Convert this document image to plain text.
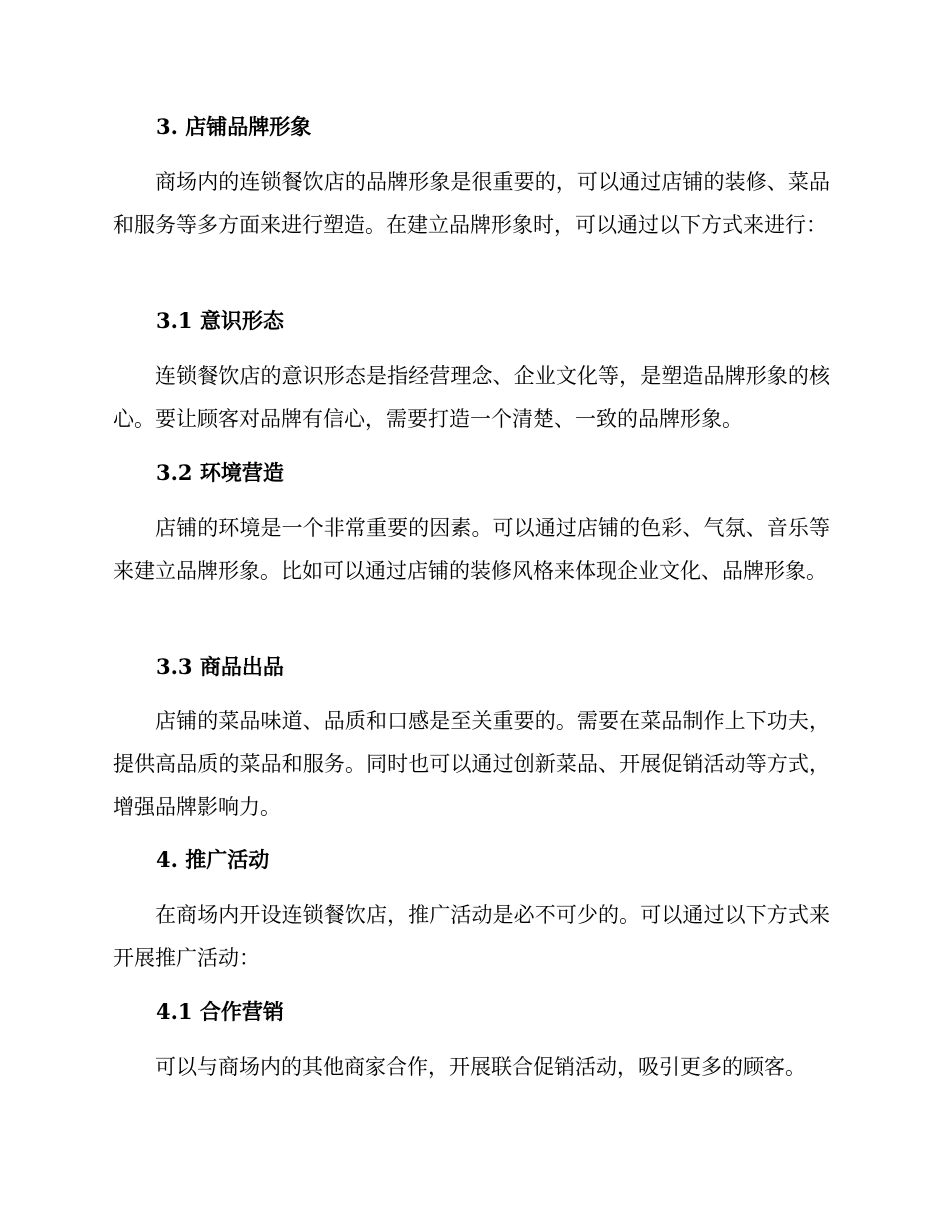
3. 店铺品牌形象

商场内的连锁餐饮店的品牌形象是很重要的，可以通过店铺的装修、菜品和服务等多方面来进行塑造。在建立品牌形象时，可以通过以下方式来进行：

3.1 意识形态

连锁餐饮店的意识形态是指经营理念、企业文化等，是塑造品牌形象的核心。要让顾客对品牌有信心，需要打造一个清楚、一致的品牌形象。

3.2 环境营造

店铺的环境是一个非常重要的因素。可以通过店铺的色彩、气氛、音乐等来建立品牌形象。比如可以通过店铺的装修风格来体现企业文化、品牌形象。

3.3 商品出品

店铺的菜品味道、品质和口感是至关重要的。需要在菜品制作上下功夫，提供高品质的菜品和服务。同时也可以通过创新菜品、开展促销活动等方式，增强品牌影响力。

4. 推广活动

在商场内开设连锁餐饮店，推广活动是必不可少的。可以通过以下方式来开展推广活动：

4.1 合作营销

可以与商场内的其他商家合作，开展联合促销活动，吸引更多的顾客。
